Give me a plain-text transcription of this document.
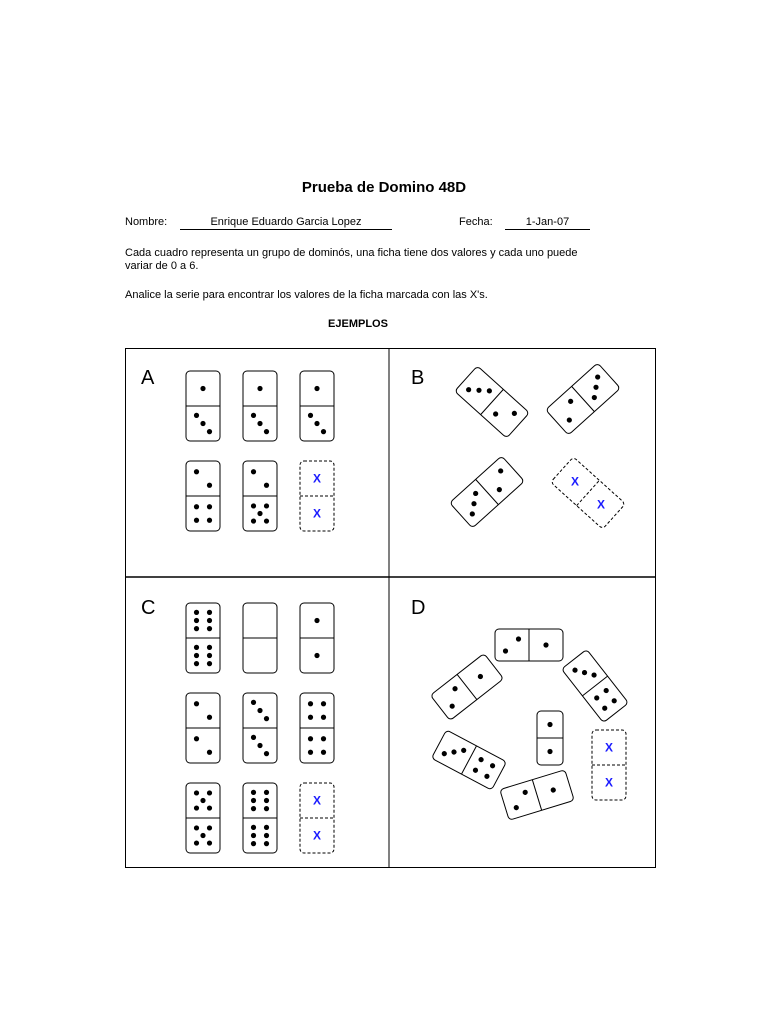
Prueba de Domino 48D
Nombre:	Enrique Eduardo Garcia Lopez	Fecha:	1-Jan-07
Cada cuadro representa un grupo de dominós, una ficha tiene dos valores y cada uno puede variar de 0 a 6.
Analice la serie para encontrar los valores de la ficha marcada con las X's.
EJEMPLOS
A
X
X
B
X
X
C
X
X
D
X
X
